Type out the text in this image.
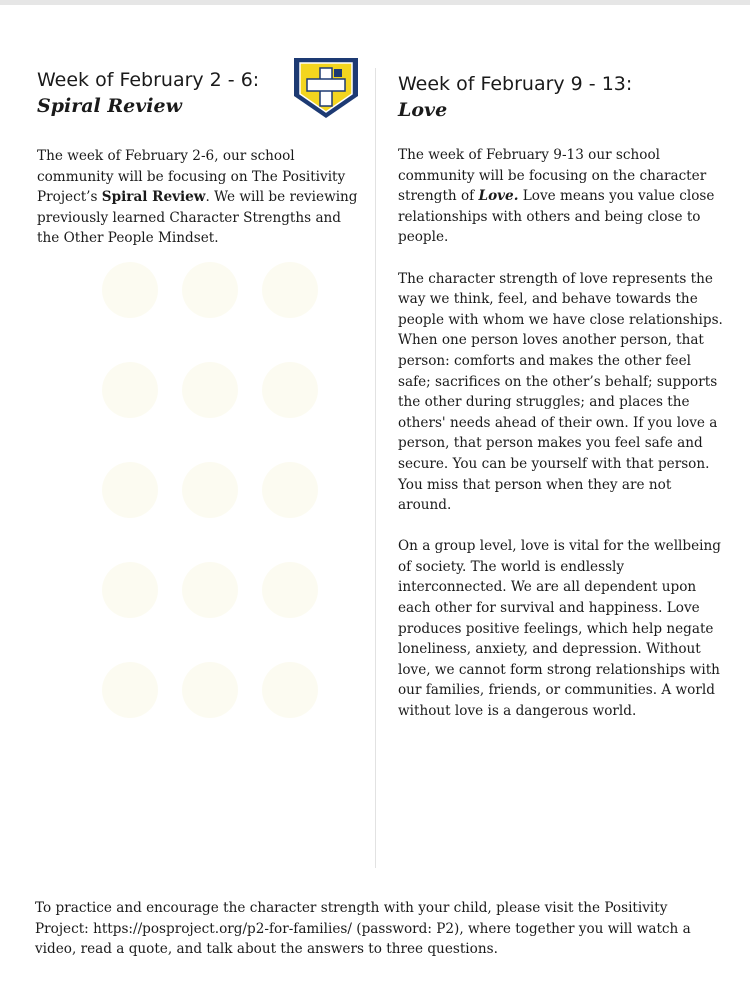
Week of February 2 - 6:
Spiral Review

The week of February 2-6, our school community will be focusing on The Positivity Project’s Spiral Review. We will be reviewing previously learned Character Strengths and the Other People Mindset.

Week of February 9 - 13:
Love

The week of February 9-13 our school community will be focusing on the character strength of Love. Love means you value close relationships with others and being close to people.

The character strength of love represents the way we think, feel, and behave towards the people with whom we have close relationships. When one person loves another person, that person: comforts and makes the other feel safe; sacrifices on the other’s behalf; supports the other during struggles; and places the others' needs ahead of their own. If you love a person, that person makes you feel safe and secure. You can be yourself with that person. You miss that person when they are not around.

On a group level, love is vital for the wellbeing of society. The world is endlessly interconnected. We are all dependent upon each other for survival and happiness. Love produces positive feelings, which help negate loneliness, anxiety, and depression. Without love, we cannot form strong relationships with our families, friends, or communities. A world without love is a dangerous world.

To practice and encourage the character strength with your child, please visit the Positivity Project: https://posproject.org/p2-for-families/ (password: P2), where together you will watch a video, read a quote, and talk about the answers to three questions.
